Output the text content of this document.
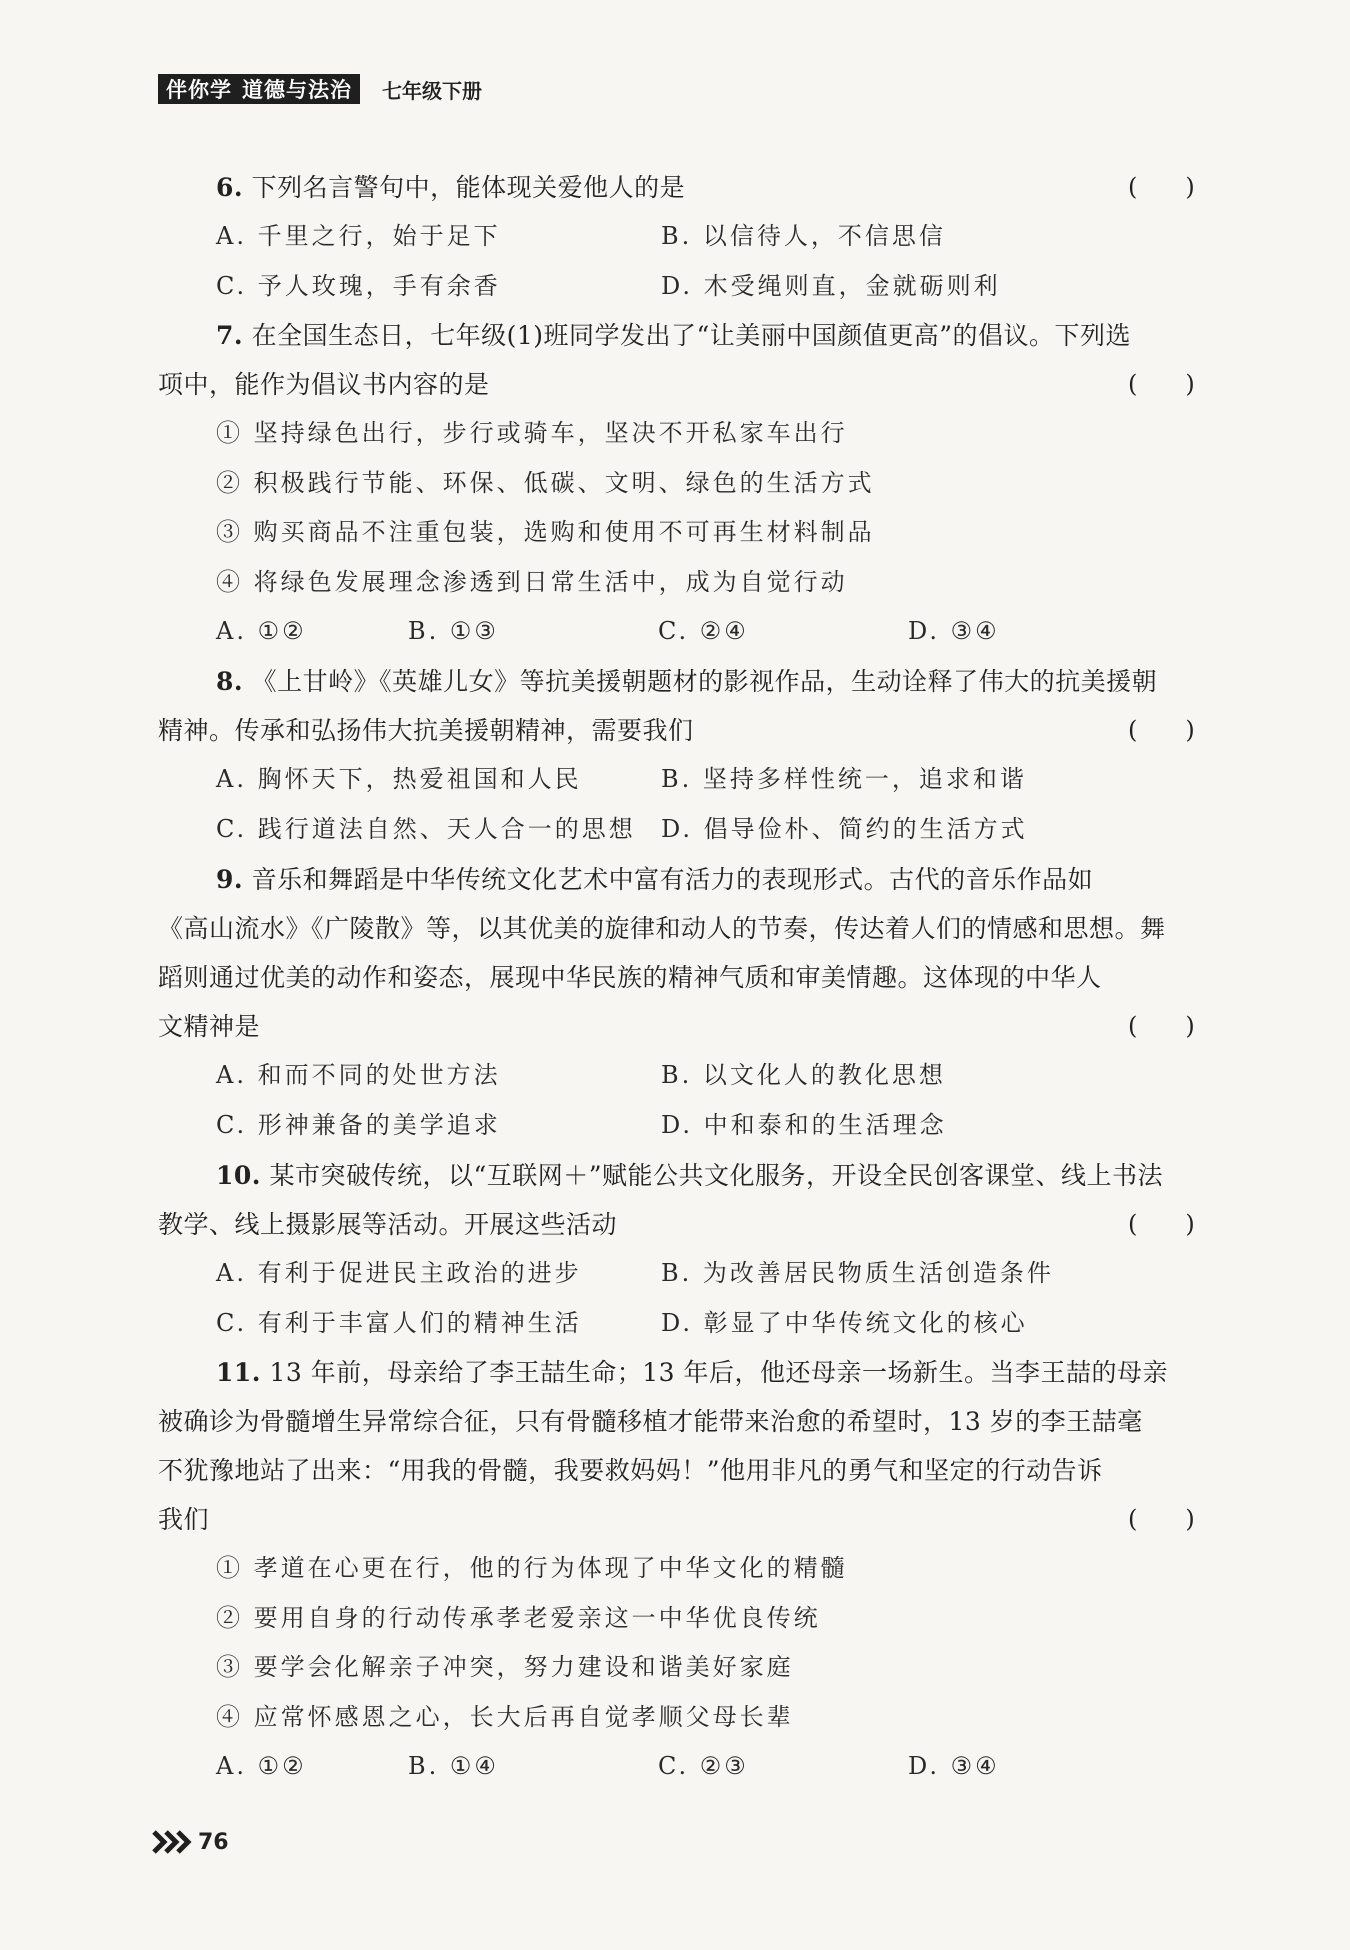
伴你学 道德与法治 七年级下册

(　　)
6. 下列名言警句中，能体现关爱他人的是

A. 千里之行，始于足下	B. 以信待人，不信思信
C. 予人玫瑰，手有余香	D. 木受绳则直，金就砺则利

7. 在全国生态日，七年级(1)班同学发出了“让美丽中国颜值更高”的倡议。下列选

(　　)
项中，能作为倡议书内容的是

① 坚持绿色出行，步行或骑车，坚决不开私家车出行
② 积极践行节能、环保、低碳、文明、绿色的生活方式
③ 购买商品不注重包装，选购和使用不可再生材料制品
④ 将绿色发展理念渗透到日常生活中，成为自觉行动
A. ①②	B. ①③	C. ②④	D. ③④

8. 《上甘岭》《英雄儿女》等抗美援朝题材的影视作品，生动诠释了伟大的抗美援朝

(　　)
精神。传承和弘扬伟大抗美援朝精神，需要我们

A. 胸怀天下，热爱祖国和人民	B. 坚持多样性统一，追求和谐
C. 践行道法自然、天人合一的思想	D. 倡导俭朴、简约的生活方式

9. 音乐和舞蹈是中华传统文化艺术中富有活力的表现形式。古代的音乐作品如

《高山流水》《广陵散》等，以其优美的旋律和动人的节奏，传达着人们的情感和思想。舞

蹈则通过优美的动作和姿态，展现中华民族的精神气质和审美情趣。这体现的中华人

(　　)
文精神是

A. 和而不同的处世方法	B. 以文化人的教化思想
C. 形神兼备的美学追求	D. 中和泰和的生活理念

10. 某市突破传统，以“互联网＋”赋能公共文化服务，开设全民创客课堂、线上书法

(　　)
教学、线上摄影展等活动。开展这些活动

A. 有利于促进民主政治的进步	B. 为改善居民物质生活创造条件
C. 有利于丰富人们的精神生活	D. 彰显了中华传统文化的核心

11. 13 年前，母亲给了李王喆生命；13 年后，他还母亲一场新生。当李王喆的母亲

被确诊为骨髓增生异常综合征，只有骨髓移植才能带来治愈的希望时，13 岁的李王喆毫

不犹豫地站了出来：“用我的骨髓，我要救妈妈！”他用非凡的勇气和坚定的行动告诉

(　　)
我们

① 孝道在心更在行，他的行为体现了中华文化的精髓
② 要用自身的行动传承孝老爱亲这一中华优良传统
③ 要学会化解亲子冲突，努力建设和谐美好家庭
④ 应常怀感恩之心，长大后再自觉孝顺父母长辈
A. ①②	B. ①④	C. ②③	D. ③④
76
